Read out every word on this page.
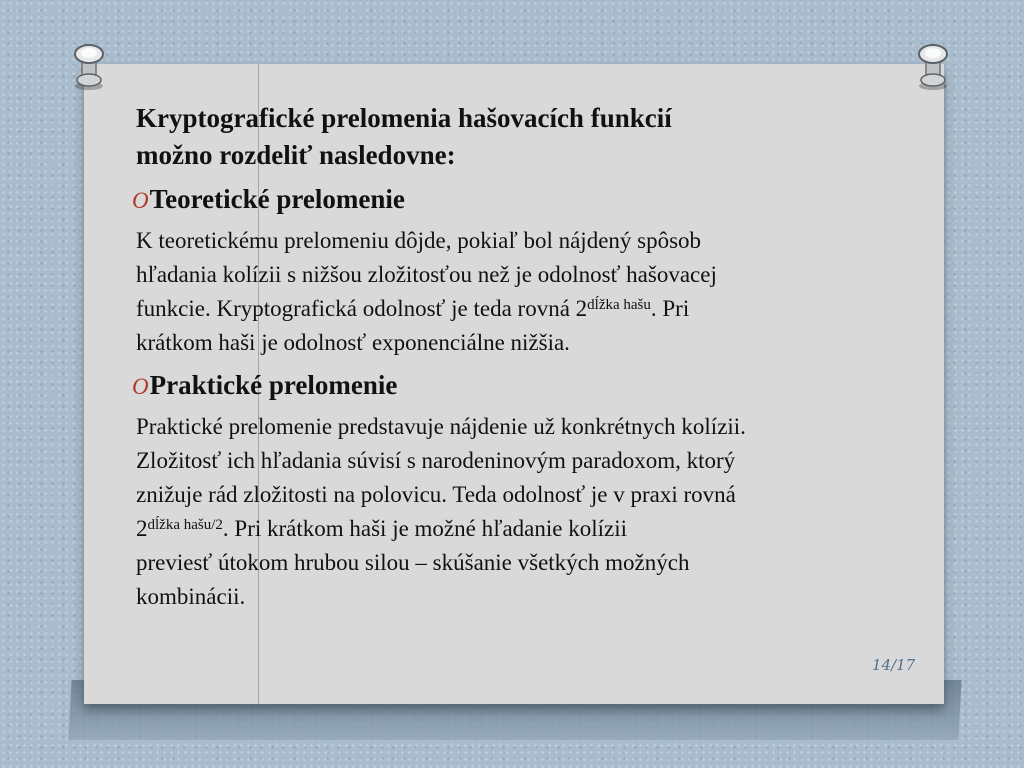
Kryptografické prelomenia hašovacích funkcií
možno rozdeliť nasledovne:
OTeoretické prelomenie
K teoretickému prelomeniu dôjde, pokiaľ bol nájdený spôsob
hľadania kolízii s nižšou zložitosťou než je odolnosť hašovacej
funkcie. Kryptografická odolnosť je teda rovná $2^{dĺžka hašu}$. Pri
krátkom haši je odolnosť exponenciálne nižšia.
OPraktické prelomenie
Praktické prelomenie predstavuje nájdenie už konkrétnych kolízii.
Zložitosť ich hľadania súvisí s narodeninovým paradoxom, ktorý
znižuje rád zložitosti na polovicu. Teda odolnosť je v praxi rovná
$2^{dĺžka hašu/2}$. Pri krátkom haši je možné hľadanie kolízii
previesť útokom hrubou silou – skúšanie všetkých možných
kombinácii.
14/17
